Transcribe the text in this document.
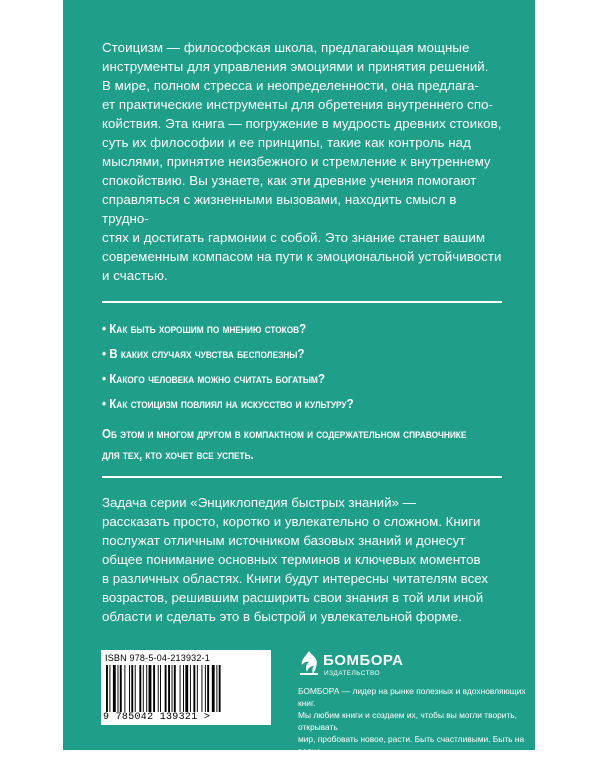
Стоицизм — философская школа, предлагающая мощные
инструменты для управления эмоциями и принятия решений.
В мире, полном стресса и неопределенности, она предлага-
ет практические инструменты для обретения внутреннего спо-
койствия. Эта книга — погружение в мудрость древних стоиков,
суть их философии и ее принципы, такие как контроль над
мыслями, принятие неизбежного и стремление к внутреннему
спокойствию. Вы узнаете, как эти древние учения помогают
справляться с жизненными вызовами, находить смысл в трудно-
стях и достигать гармонии с собой. Это знание станет вашим
современным компасом на пути к эмоциональной устойчивости
и счастью.
• Как быть хорошим по мнению стоков?
• В каких случаях чувства бесполезны?
• Какого человека можно считать богатым?
• Как стоицизм повлиял на искусство и культуру?
Об этом и многом другом в компактном и содержательном справочнике
для тех, кто хочет все успеть.
Задача серии «Энциклопедия быстрых знаний» —
рассказать просто, коротко и увлекательно о сложном. Книги
послужат отличным источником базовых знаний и донесут
общее понимание основных терминов и ключевых моментов
в различных областях. Книги будут интересны читателям всех
возрастов, решившим расширить свои знания в той или иной
области и сделать это в быстрой и увлекательной форме.
ISBN 978-5-04-213932-1
9 785042 139321 >
БОМБОРА
ИЗДАТЕЛЬСТВО
БОМБОРА — лидер на рынке полезных и вдохновляющих книг.
Мы любим книги и создаем их, чтобы вы могли творить, открывать
мир, пробовать новое, расти. Быть счастливыми. Быть на волне.
